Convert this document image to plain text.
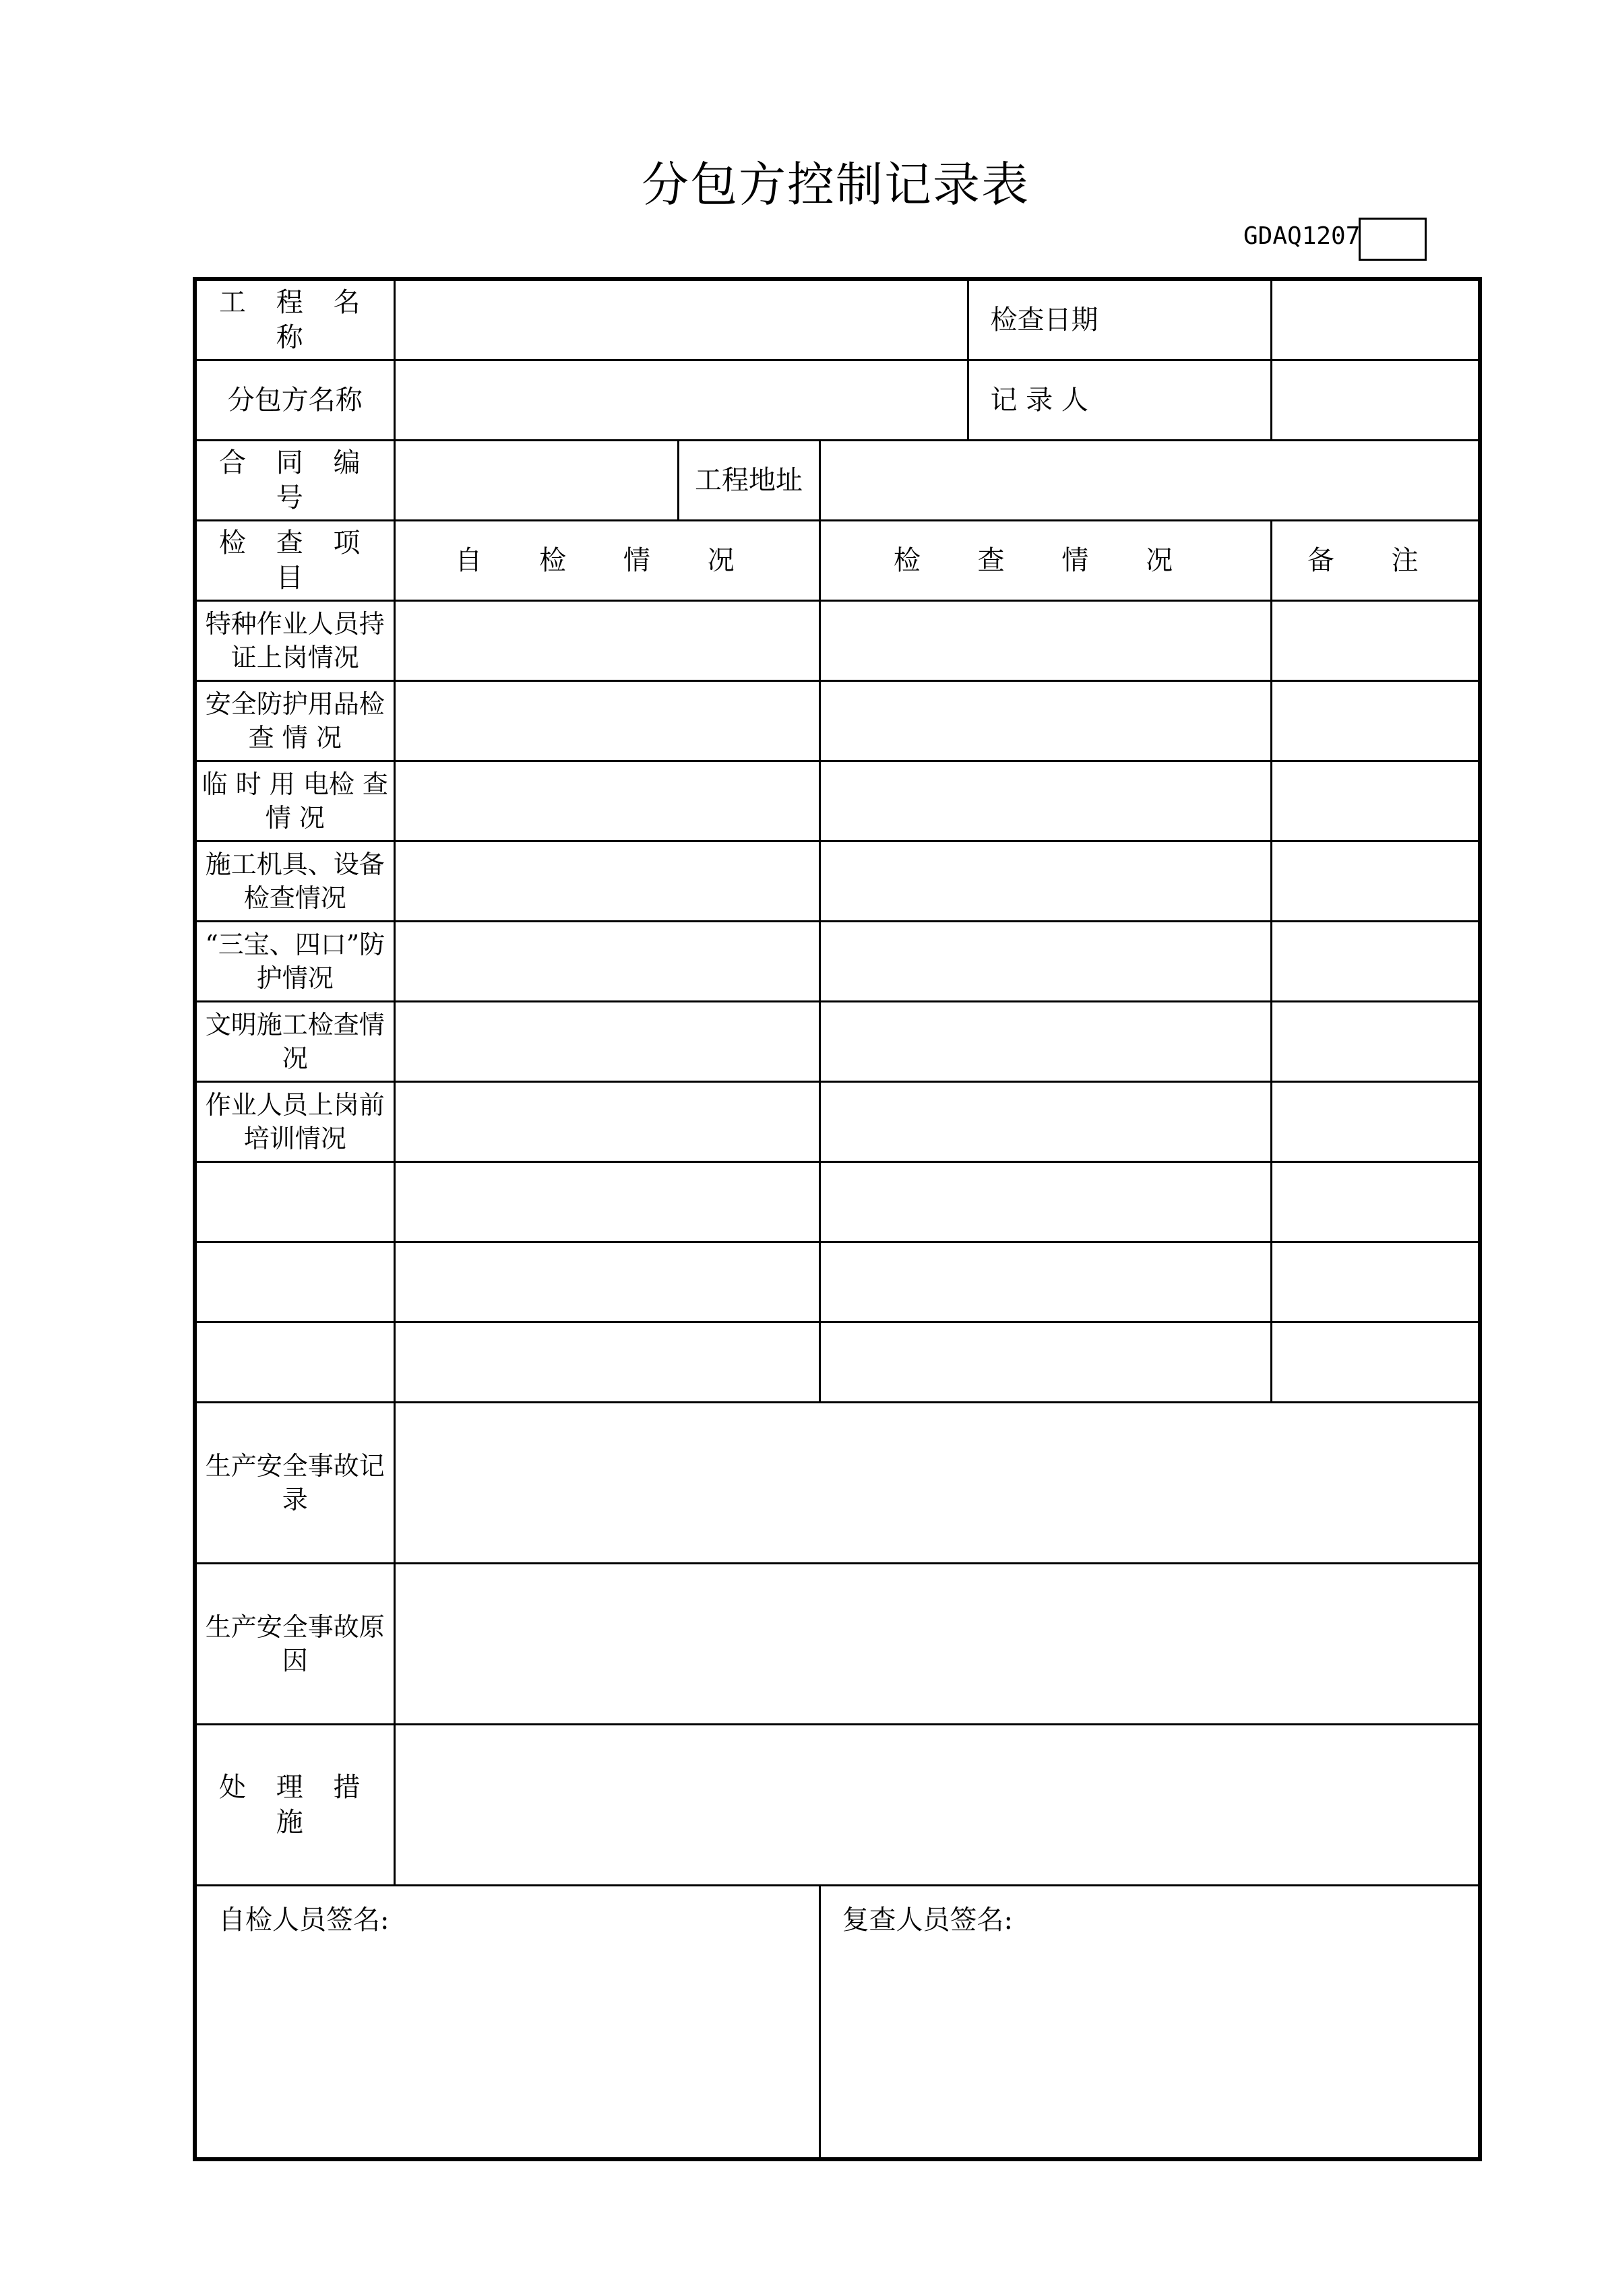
分包方控制记录表
GDAQ1207
工 程 名 称				检查日期	
分包方名称				记 录 人	
合 同 编 号		工程地址			
检 查 项 目	自 检 情 况		检 查 情 况		备 注
特种作业人员持证上岗情况					
安全防护用品检 查 情 况					
临 时 用 电检 查 情 况					
施工机具、设备检查情况					
“三宝、四口”防护情况					
文明施工检查情况					
作业人员上岗前培训情况					

生产安全事故记 录					
生产安全事故原 因					
处 理 措 施					
自检人员签名:			复查人员签名:		
